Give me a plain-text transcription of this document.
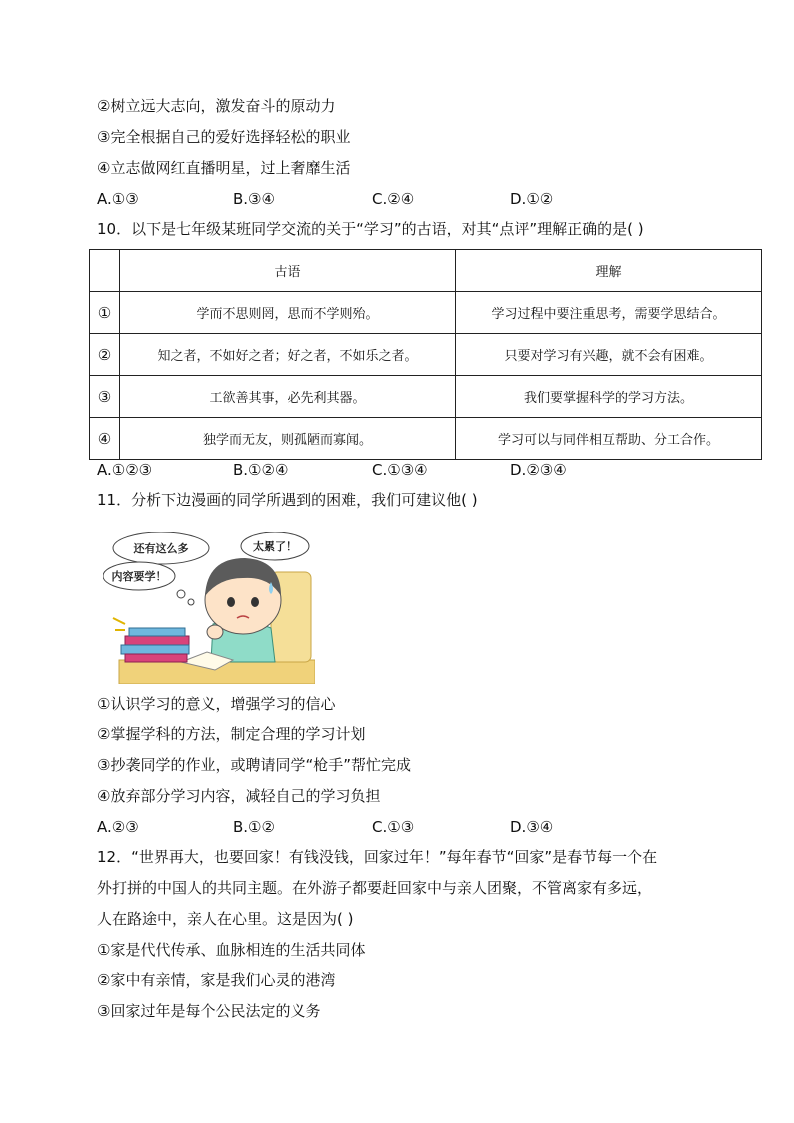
②树立远大志向，激发奋斗的原动力
③完全根据自己的爱好选择轻松的职业
④立志做网红直播明星，过上奢靡生活
A.①③	B.③④	C.②④	D.①②
10．以下是七年级某班同学交流的关于“学习”的古语，对其“点评”理解正确的是( )
	古语	理解
①	学而不思则罔，思而不学则殆。	学习过程中要注重思考，需要学思结合。
②	知之者，不如好之者；好之者，不如乐之者。	只要对学习有兴趣，就不会有困难。
③	工欲善其事，必先利其器。	我们要掌握科学的学习方法。
④	独学而无友，则孤陋而寡闻。	学习可以与同伴相互帮助、分工合作。
A.①②③	B.①②④	C.①③④	D.②③④
11．分析下边漫画的同学所遇到的困难，我们可建议他( )
还有这么多
内容要学！
太累了！
①认识学习的意义，增强学习的信心
②掌握学科的方法，制定合理的学习计划
③抄袭同学的作业，或聘请同学“枪手”帮忙完成
④放弃部分学习内容，减轻自己的学习负担
A.②③	B.①②	C.①③	D.③④
12．“世界再大，也要回家！有钱没钱，回家过年！”每年春节“回家”是春节每一个在
外打拼的中国人的共同主题。在外游子都要赶回家中与亲人团聚，不管离家有多远，
人在路途中，亲人在心里。这是因为( )
①家是代代传承、血脉相连的生活共同体
②家中有亲情，家是我们心灵的港湾
③回家过年是每个公民法定的义务
